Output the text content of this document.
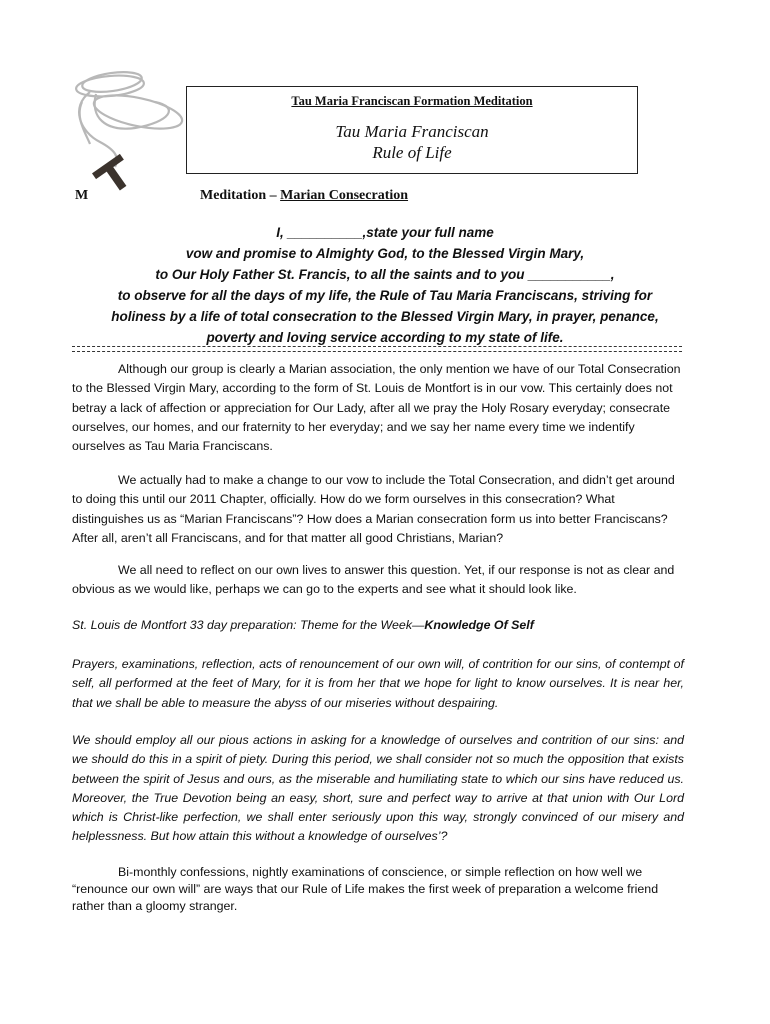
Tau Maria Franciscan Formation Meditation
Tau Maria Franciscan
Rule of Life
M	Meditation – Marian Consecration
I, __________,state your full name
vow and promise to Almighty God, to the Blessed Virgin Mary,
to Our Holy Father St. Francis, to all the saints and to you ___________,
to observe for all the days of my life, the Rule of Tau Maria Franciscans, striving for
holiness by a life of total consecration to the Blessed Virgin Mary, in prayer, penance,
poverty and loving service according to my state of life.
Although our group is clearly a Marian association, the only mention we have of our Total Consecration to the Blessed Virgin Mary, according to the form of St. Louis de Montfort is in our vow. This certainly does not betray a lack of affection or appreciation for Our Lady, after all we pray the Holy Rosary everyday; consecrate ourselves, our homes, and our fraternity to her everyday; and we say her name every time we indentify ourselves as Tau Maria Franciscans.
We actually had to make a change to our vow to include the Total Consecration, and didn’t get around to doing this until our 2011 Chapter, officially. How do we form ourselves in this consecration? What distinguishes us as “Marian Franciscans”? How does a Marian consecration form us into better Franciscans? After all, aren’t all Franciscans, and for that matter all good Christians, Marian?
We all need to reflect on our own lives to answer this question. Yet, if our response is not as clear and obvious as we would like, perhaps we can go to the experts and see what it should look like.
St. Louis de Montfort 33 day preparation: Theme for the Week—Knowledge Of Self
Prayers, examinations, reflection, acts of renouncement of our own will, of contrition for our sins, of contempt of self, all performed at the feet of Mary, for it is from her that we hope for light to know ourselves. It is near her, that we shall be able to measure the abyss of our miseries without despairing.
We should employ all our pious actions in asking for a knowledge of ourselves and contrition of our sins: and we should do this in a spirit of piety. During this period, we shall consider not so much the opposition that exists between the spirit of Jesus and ours, as the miserable and humiliating state to which our sins have reduced us. Moreover, the True Devotion being an easy, short, sure and perfect way to arrive at that union with Our Lord which is Christ-like perfection, we shall enter seriously upon this way, strongly convinced of our misery and helplessness. But how attain this without a knowledge of ourselves’?
Bi-monthly confessions, nightly examinations of conscience, or simple reflection on how well we “renounce our own will” are ways that our Rule of Life makes the first week of preparation a welcome friend rather than a gloomy stranger.
